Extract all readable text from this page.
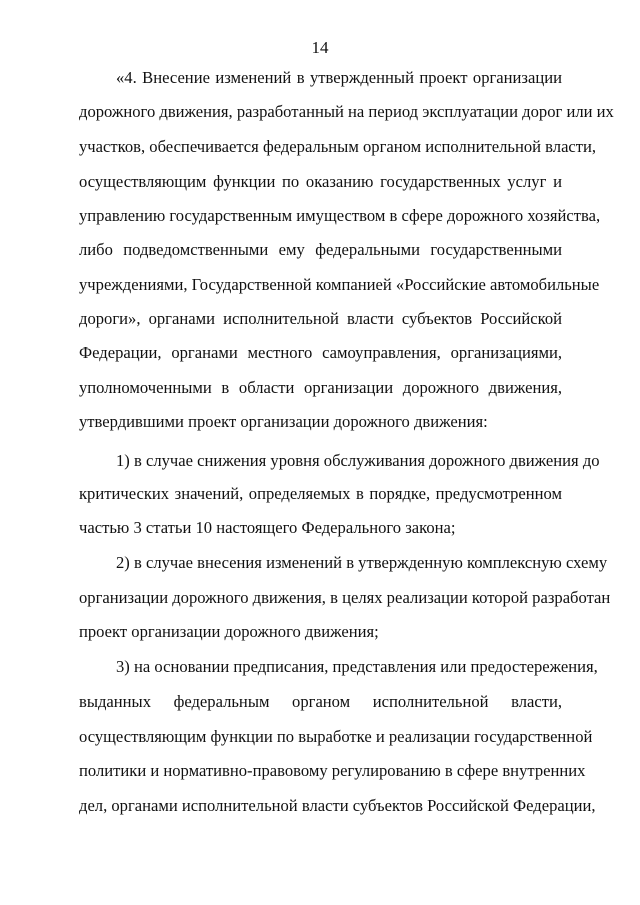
14
«4. Внесение изменений в утвержденный проект организации
дорожного движения, разработанный на период эксплуатации дорог или их
участков, обеспечивается федеральным органом исполнительной власти,
осуществляющим функции по оказанию государственных услуг и
управлению государственным имуществом в сфере дорожного хозяйства,
либо подведомственными ему федеральными государственными
учреждениями, Государственной компанией «Российские автомобильные
дороги», органами исполнительной власти субъектов Российской
Федерации, органами местного самоуправления, организациями,
уполномоченными в области организации дорожного движения,
утвердившими проект организации дорожного движения:
1) в случае снижения уровня обслуживания дорожного движения до
критических значений, определяемых в порядке, предусмотренном
частью 3 статьи 10 настоящего Федерального закона;
2) в случае внесения изменений в утвержденную комплексную схему
организации дорожного движения, в целях реализации которой разработан
проект организации дорожного движения;
3) на основании предписания, представления или предостережения,
выданных федеральным органом исполнительной власти,
осуществляющим функции по выработке и реализации государственной
политики и нормативно-правовому регулированию в сфере внутренних
дел, органами исполнительной власти субъектов Российской Федерации,
